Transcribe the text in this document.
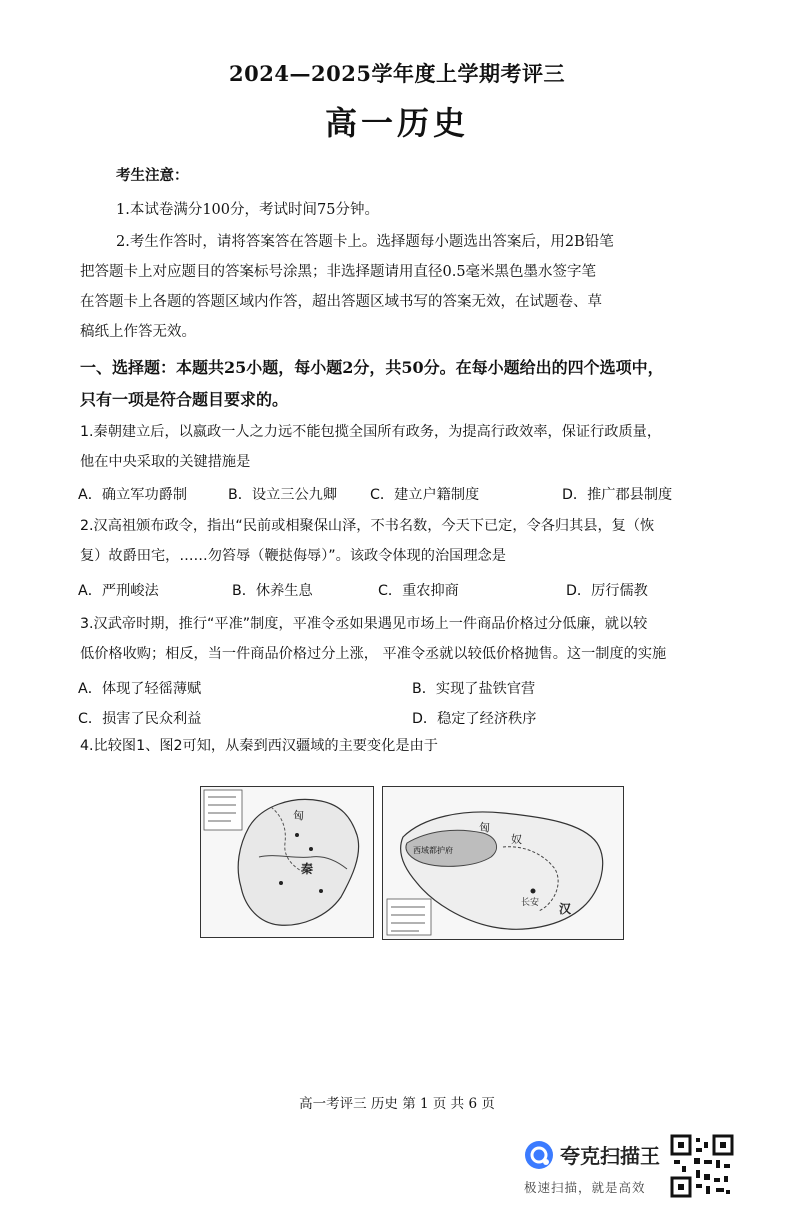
2024—2025学年度上学期考评三
高一历史
考生注意：
1.本试卷满分100分，考试时间75分钟。
2.考生作答时，请将答案答在答题卡上。选择题每小题选出答案后，用2B铅笔
把答题卡上对应题目的答案标号涂黑；非选择题请用直径0.5毫米黑色墨水签字笔
在答题卡上各题的答题区域内作答，超出答题区域书写的答案无效，在试题卷、草
稿纸上作答无效。
一、选择题：本题共25小题，每小题2分，共50分。在每小题给出的四个选项中，
只有一项是符合题目要求的。
1.秦朝建立后，以嬴政一人之力远不能包揽全国所有政务，为提高行政效率，保证行政质量，
他在中央采取的关键措施是
A．确立军功爵制	B．设立三公九卿 C．建立户籍制度	D．推广郡县制度
2.汉高祖颁布政令，指出“民前或相聚保山泽，不书名数，今天下已定，令各归其县，复（恢
复）故爵田宅，……勿笞辱（鞭挞侮辱）”。该政令体现的治国理念是
A．严刑峻法	B．休养生息	C．重农抑商	D．厉行儒教
3.汉武帝时期，推行“平准”制度，平准令丞如果遇见市场上一件商品价格过分低廉，就以较
低价格收购；相反，当一件商品价格过分上涨， 平准令丞就以较低价格抛售。这一制度的实施
A．体现了轻徭薄赋	B．实现了盐铁官营
C．损害了民众利益	D．稳定了经济秩序
4.比较图1、图2可知，从秦到西汉疆域的主要变化是由于
匈
秦
西域都护府
匈
奴
长安 汉
高一考评三 历史 第 1 页 共 6 页
夸克扫描王
极速扫描，就是高效
